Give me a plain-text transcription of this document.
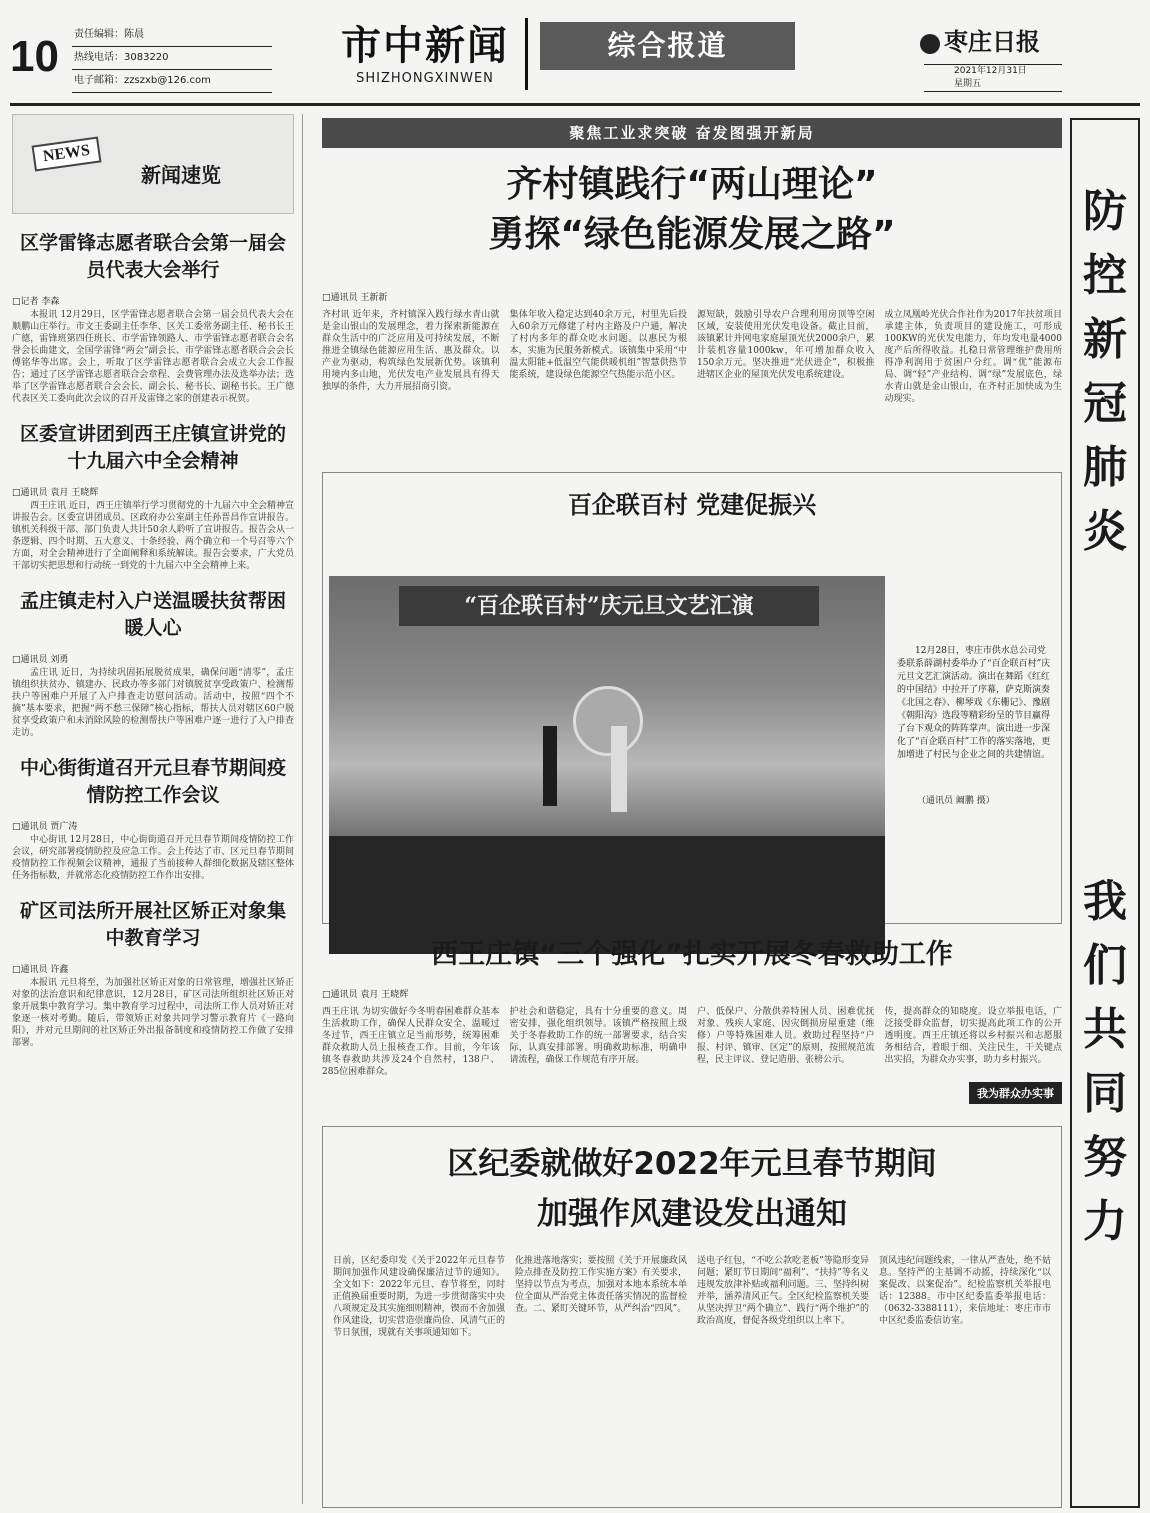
10	责任编辑：陈晨
热线电话：3083220
电子邮箱：zzszxb@126.com
市中新闻
SHIZHONGXINWEN
综合报道	枣庄日报
2021年12月31日
星期五
NEWS
新闻速览
区学雷锋志愿者联合会第一届会员代表大会举行
□记者 李森
本报讯 12月29日，区学雷锋志愿者联合会第一届会员代表大会在顺鹏山庄举行。市文王委副主任李华、区关工委常务副主任、秘书长王广德，雷锋班第四任班长、市学雷锋领路人、市学雷锋志愿者联合会名誉会长曲建文，全国学雷锋“两会”副会长、市学雷锋志愿者联合会会长傅铭华等出席。会上，听取了区学雷锋志愿者联合会成立大会工作报告；通过了区学雷锋志愿者联合会章程、会费管理办法及选举办法；选举了区学雷锋志愿者联合会会长、副会长、秘书长、副秘书长。王广德代表区关工委向此次会议的召开及雷锋之家的创建表示祝贺。
区委宣讲团到西王庄镇宣讲党的十九届六中全会精神
□通讯员 袁月 王晓辉
西王庄讯 近日，西王庄镇举行学习贯彻党的十九届六中全会精神宣讲报告会。区委宣讲团成员、区政府办公室副主任孙晋昌作宣讲报告。镇机关科级干部、部门负责人共计50余人聆听了宣讲报告。报告会从一条逻辑、四个时期、五大意义、十条经验、两个确立和一个号召等六个方面，对全会精神进行了全面阐释和系统解读。报告会要求，广大党员干部切实把思想和行动统一到党的十九届六中全会精神上来。
孟庄镇走村入户送温暖扶贫帮困暖人心
□通讯员 刘勇
孟庄讯 近日，为持续巩固拓展脱贫成果，确保问题“清零”，孟庄镇组织扶贫办、镇建办、民政办等多部门对镇脱贫享受政策户、检测帮扶户等困难户开展了入户排查走访慰问活动。活动中，按照“四个不摘”基本要求，把握“两不愁三保障”核心指标，帮扶人员对辖区60户脱贫享受政策户和未消除风险的检测帮扶户等困难户逐一进行了入户排查走访。
中心街街道召开元旦春节期间疫情防控工作会议
□通讯员 贾广涛
中心街讯 12月28日，中心街街道召开元旦春节期间疫情防控工作会议，研究部署疫情防控及应急工作。会上传达了市、区元旦春节期间疫情防控工作视频会议精神，通报了当前接种人群细化数据及辖区整体任务指标数，并就常态化疫情防控工作作出安排。
矿区司法所开展社区矫正对象集中教育学习
□通讯员 许鑫
本报讯 元旦将至，为加强社区矫正对象的日常管理，增强社区矫正对象的法治意识和纪律意识，12月28日，矿区司法所组织社区矫正对象开展集中教育学习。集中教育学习过程中，司法所工作人员对矫正对象逐一核对考勤。随后，带领矫正对象共同学习警示教育片《一路向阳》，并对元旦期间的社区矫正外出报备制度和疫情防控工作做了安排部署。
聚焦工业求突破 奋发图强开新局
齐村镇践行“两山理论”
勇探“绿色能源发展之路”
□通讯员 王新新
齐村讯 近年来，齐村镇深入践行绿水青山就是金山银山的发展理念，着力探索新能源在群众生活中的广泛应用及可持续发展，不断推进全镇绿色能源应用生活、惠及群众。以产业为驱动，构筑绿色发展新优势。该镇利用境内多山地，光伏发电产业发展具有得天独厚的条件，大力开展招商引资。
集体年收入稳定达到40余万元，村里先后投入60余万元修建了村内主路及户户通，解决了村内多年的群众吃水问题。以惠民为根本，实施为民服务新模式。该镇集中采用“中温太阳能+低温空气能供暖机组”智慧供热节能系统，建设绿色能源空气热能示范小区。
源短缺，鼓励引导农户合理利用房顶等空闲区域，安装使用光伏发电设备。截止目前，该镇累计并网电家庭屋顶光伏2000余户，累计装机容量1000kw，年可增加群众收入150余万元。坚决推进“光伏进企”，积极推进辖区企业的屋顶光伏发电系统建设。
成立凤凰岭光伏合作社作为2017年扶贫项目承建主体，负责项目的建设施工，可形成100KW的光伏发电能力，年均发电量4000度产后所得收益。扎稳日常管理维护费用所得净利润用于贫困户分红。调“优”能源布局、调“轻”产业结构、调“绿”发展底色，绿水青山就是金山银山，在齐村正加快成为生动现实。
百企联百村 党建促振兴
“百企联百村”庆元旦文艺汇演
12月28日，枣庄市供水总公司党委联系薛湖村委举办了“百企联百村”庆元旦文艺汇演活动。演出在舞蹈《红红的中国结》中拉开了序幕，萨克斯演奏《北国之春》、柳琴戏《东栅记》、豫剧《朝阳沟》选段等精彩纷呈的节目赢得了台下观众的阵阵掌声。演出进一步深化了“百企联百村”工作的落实落地，更加增进了村民与企业之间的共建情谊。
（通讯员 阚鹏 摄）
西王庄镇“三个强化”扎实开展冬春救助工作
□通讯员 袁月 王晓辉
西王庄讯 为切实做好今冬明春困难群众基本生活救助工作，确保人民群众安全、温暖过冬过节，西王庄镇立足当前形势，统筹困难群众救助人员上报核查工作。目前，今年该镇冬春救助共涉及24个自然村，138户、285位困难群众。
护社会和谐稳定，具有十分重要的意义。周密安排，强化组织领导。该镇严格按照上级关于冬春救助工作的统一部署要求，结合实际，认真安排部署。明确救助标准，明确申请流程，确保工作规范有序开展。
户、低保户、分散供养特困人员、困难优抚对象、残疾人家庭、因灾倒损房屋重建（维修）户等特殊困难人员。救助过程坚持“户报、村评、镇审、区定”的原则，按照规范流程，民主评议、登记造册、张榜公示。
传，提高群众的知晓度。设立举报电话，广泛接受群众监督，切实提高此项工作的公开透明度。西王庄镇还将以乡村振兴和志愿服务相结合，着眼于细、关注民生，干关键点出实招，为群众办实事，助力乡村振兴。
我为群众办实事
区纪委就做好2022年元旦春节期间
加强作风建设发出通知
日前，区纪委印发《关于2022年元旦春节期间加强作风建设确保廉洁过节的通知》。全文如下：2022年元旦、春节将至，同时正值换届重要时期，为进一步贯彻落实中央八项规定及其实施细则精神，锲而不舍加强作风建设，切实营造崇廉尚俭、风清气正的节日氛围，现就有关事项通知如下。
化推进落地落实；要按照《关于开展廉政风险点排查及防控工作实施方案》有关要求，坚持以节点为考点，加强对本地本系统本单位全面从严治党主体责任落实情况的监督检查。二、紧盯关键环节，从严纠治“四风”。
送电子红包，“不吃公款吃老板”等隐形变异问题；紧盯节日期间“福利”、“扶持”等名义违规发放津补贴或福利问题。三、坚持纠树并举，涵养清风正气。全区纪检监察机关要从坚决捍卫“两个确立”、践行“两个维护”的政治高度，督促各级党组织以上率下。
顶风违纪问题线索，一律从严查处，绝不姑息。坚持严的主基调不动摇，持续深化“以案促改、以案促治”。纪检监察机关举报电话：12388。市中区纪委监委举报电话：（0632-3388111），来信地址：枣庄市市中区纪委监委信访室。
防控新冠肺炎
我们共同努力
